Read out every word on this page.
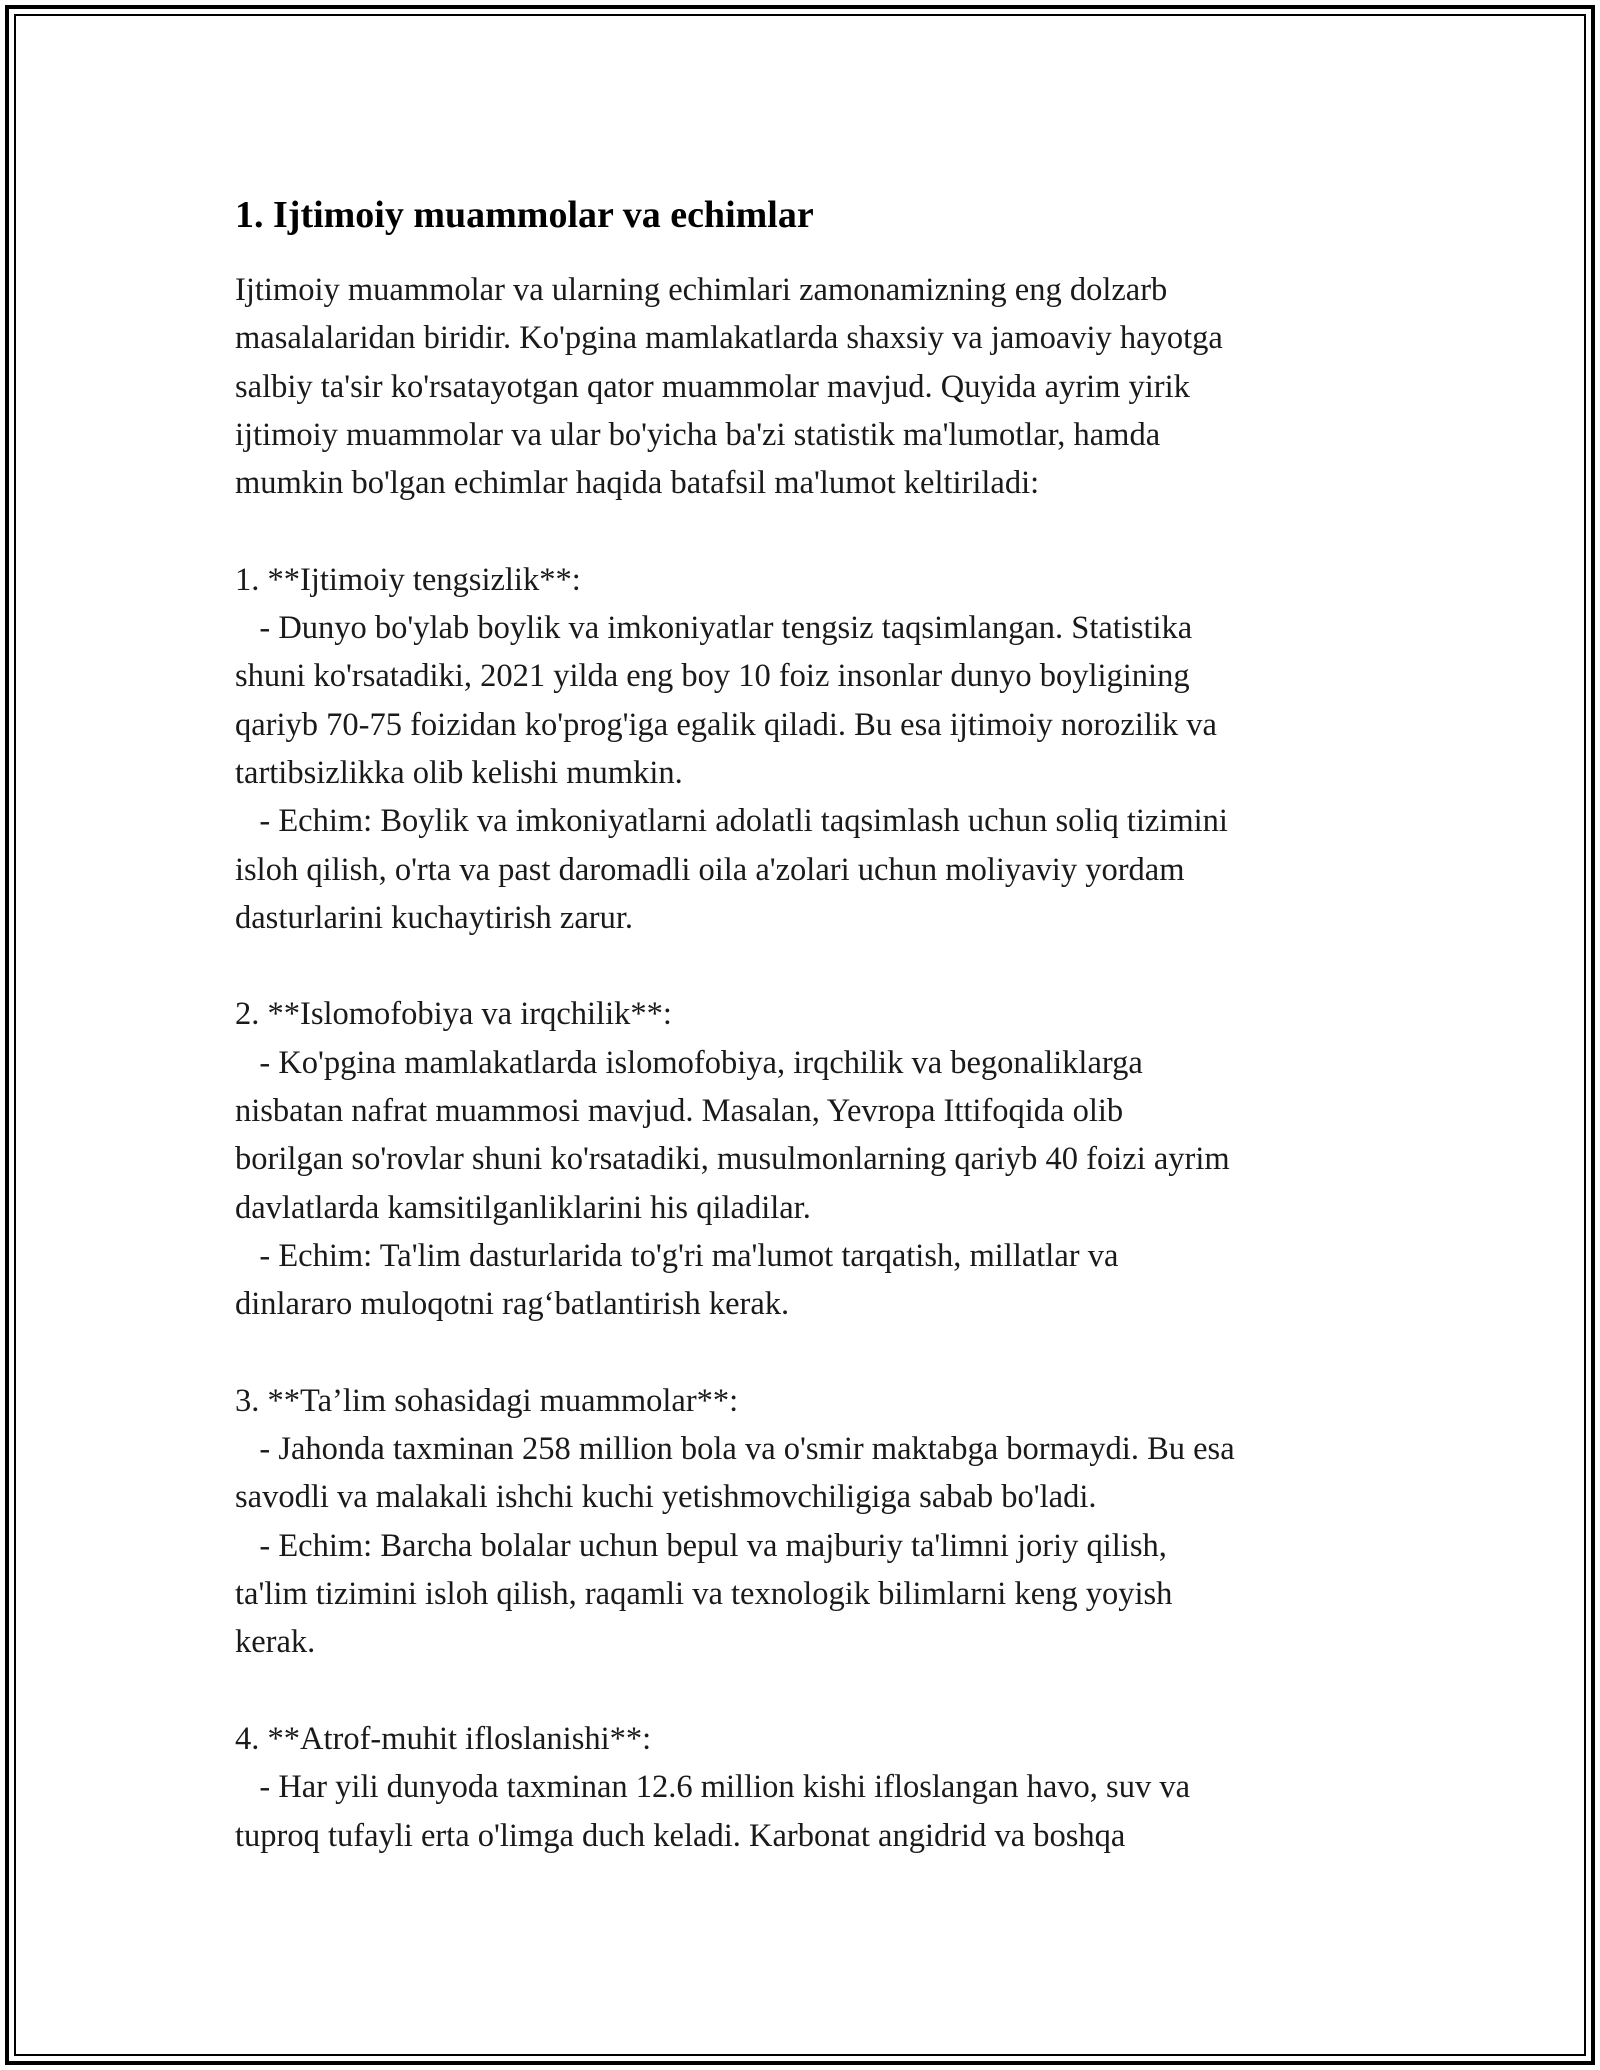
1. Ijtimoiy muammolar va echimlar

Ijtimoiy muammolar va ularning echimlari zamonamizning eng dolzarb
masalalaridan biridir. Ko'pgina mamlakatlarda shaxsiy va jamoaviy hayotga
salbiy ta'sir ko'rsatayotgan qator muammolar mavjud. Quyida ayrim yirik
ijtimoiy muammolar va ular bo'yicha ba'zi statistik ma'lumotlar, hamda
mumkin bo'lgan echimlar haqida batafsil ma'lumot keltiriladi:

1. **Ijtimoiy tengsizlik**:
- Dunyo bo'ylab boylik va imkoniyatlar tengsiz taqsimlangan. Statistika
shuni ko'rsatadiki, 2021 yilda eng boy 10 foiz insonlar dunyo boyligining
qariyb 70-75 foizidan ko'prog'iga egalik qiladi. Bu esa ijtimoiy norozilik va
tartibsizlikka olib kelishi mumkin.
- Echim: Boylik va imkoniyatlarni adolatli taqsimlash uchun soliq tizimini
isloh qilish, o'rta va past daromadli oila a'zolari uchun moliyaviy yordam
dasturlarini kuchaytirish zarur.

2. **Islomofobiya va irqchilik**:
- Ko'pgina mamlakatlarda islomofobiya, irqchilik va begonaliklarga
nisbatan nafrat muammosi mavjud. Masalan, Yevropa Ittifoqida olib
borilgan so'rovlar shuni ko'rsatadiki, musulmonlarning qariyb 40 foizi ayrim
davlatlarda kamsitilganliklarini his qiladilar.
- Echim: Ta'lim dasturlarida to'g'ri ma'lumot tarqatish, millatlar va
dinlararo muloqotni rag‘batlantirish kerak.

3. **Ta’lim sohasidagi muammolar**:
- Jahonda taxminan 258 million bola va o'smir maktabga bormaydi. Bu esa
savodli va malakali ishchi kuchi yetishmovchiligiga sabab bo'ladi.
- Echim: Barcha bolalar uchun bepul va majburiy ta'limni joriy qilish,
ta'lim tizimini isloh qilish, raqamli va texnologik bilimlarni keng yoyish
kerak.

4. **Atrof-muhit ifloslanishi**:
- Har yili dunyoda taxminan 12.6 million kishi ifloslangan havo, suv va
tuproq tufayli erta o'limga duch keladi. Karbonat angidrid va boshqa
